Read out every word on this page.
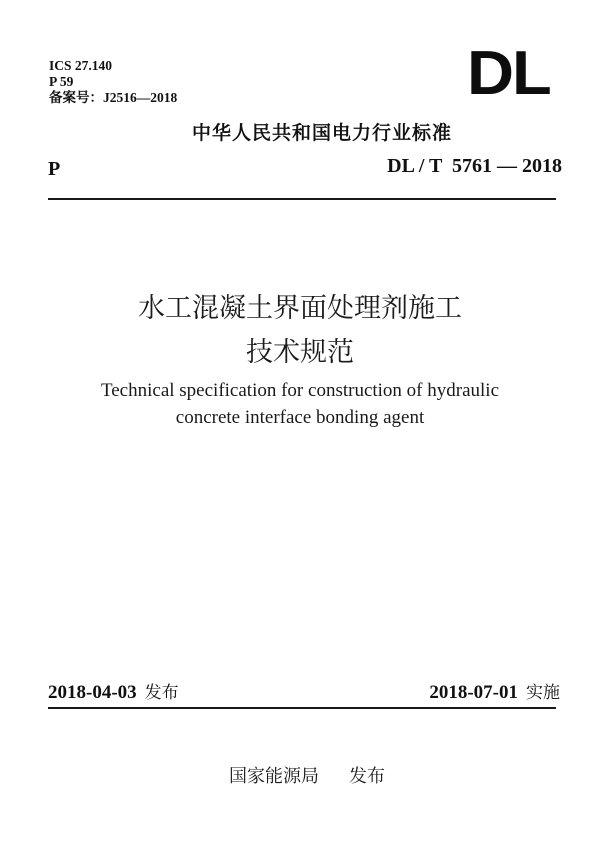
ICS 27.140
P 59
备案号：J2516—2018	DL
中华人民共和国电力行业标准
P	DL / T  5761 — 2018
水工混凝土界面处理剂施工
技术规范
Technical specification for construction of hydraulic
concrete interface bonding agent
2018-04-03 发布	2018-07-01 实施
国家能源局 发布
